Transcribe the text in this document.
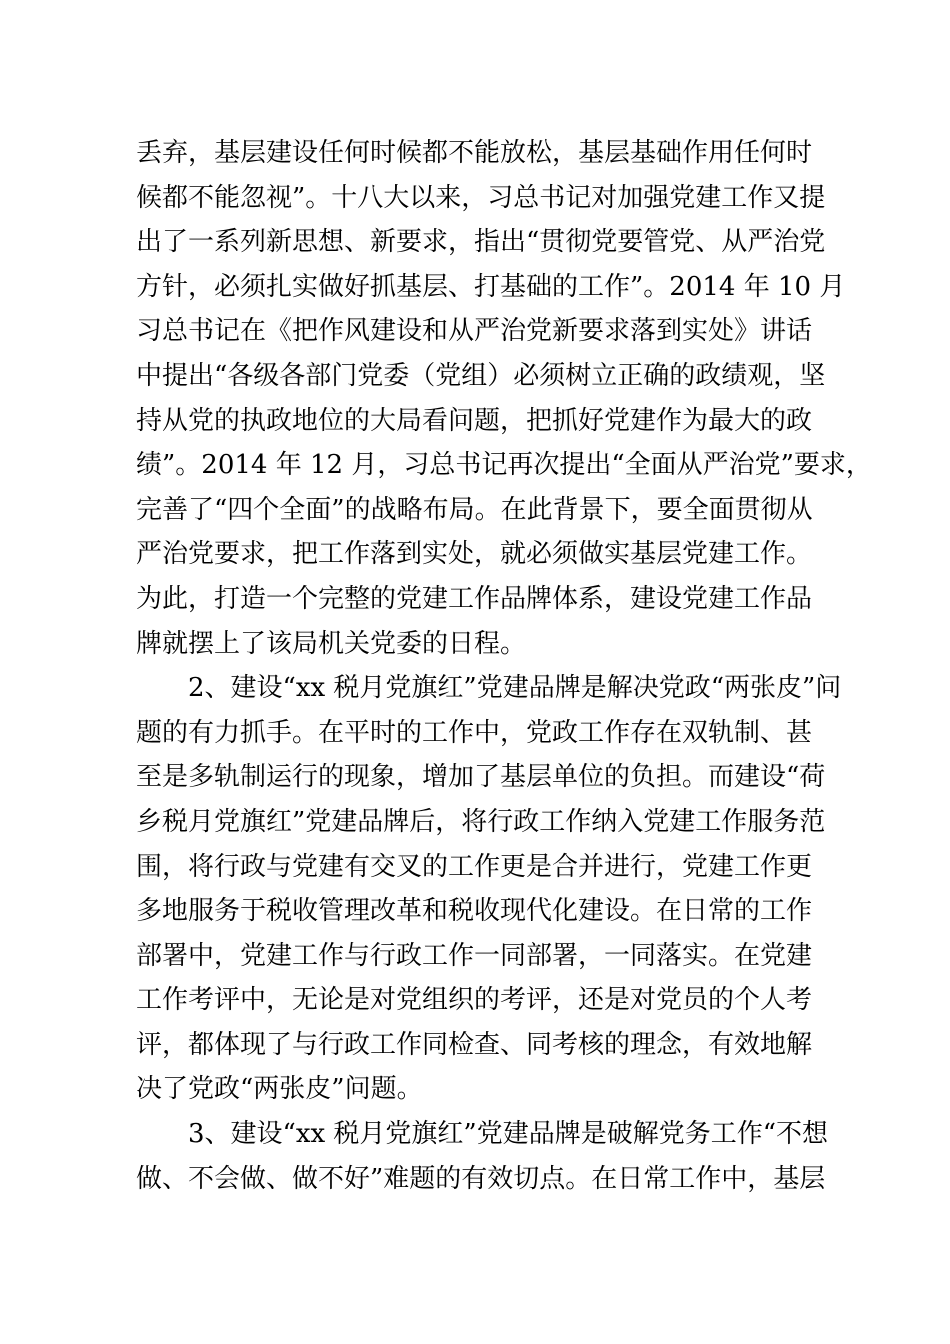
丢弃，基层建设任何时候都不能放松，基层基础作用任何时
候都不能忽视”。十八大以来，习总书记对加强党建工作又提
出了一系列新思想、新要求，指出“贯彻党要管党、从严治党
方针，必须扎实做好抓基层、打基础的工作”。2014 年 10 月
习总书记在《把作风建设和从严治党新要求落到实处》讲话
中提出“各级各部门党委（党组）必须树立正确的政绩观，坚
持从党的执政地位的大局看问题，把抓好党建作为最大的政
绩”。2014 年 12 月，习总书记再次提出“全面从严治党”要求，
完善了“四个全面”的战略布局。在此背景下，要全面贯彻从
严治党要求，把工作落到实处，就必须做实基层党建工作。
为此，打造一个完整的党建工作品牌体系，建设党建工作品
牌就摆上了该局机关党委的日程。
2、建设“xx 税月党旗红”党建品牌是解决党政“两张皮”问
题的有力抓手。在平时的工作中，党政工作存在双轨制、甚
至是多轨制运行的现象，增加了基层单位的负担。而建设“荷
乡税月党旗红”党建品牌后，将行政工作纳入党建工作服务范
围，将行政与党建有交叉的工作更是合并进行，党建工作更
多地服务于税收管理改革和税收现代化建设。在日常的工作
部署中，党建工作与行政工作一同部署，一同落实。在党建
工作考评中，无论是对党组织的考评，还是对党员的个人考
评，都体现了与行政工作同检查、同考核的理念，有效地解
决了党政“两张皮”问题。
3、建设“xx 税月党旗红”党建品牌是破解党务工作“不想
做、不会做、做不好”难题的有效切点。在日常工作中，基层
